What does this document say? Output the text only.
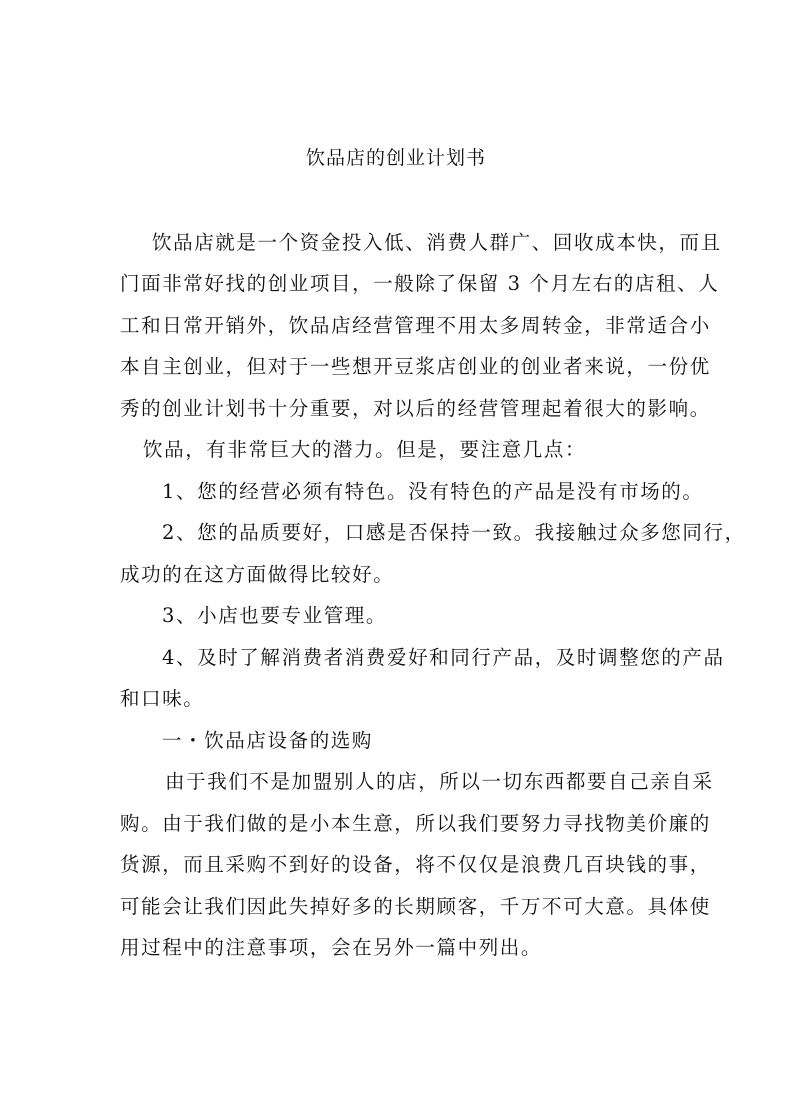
饮品店的创业计划书
饮品店就是一个资金投入低、消费人群广、回收成本快，而且
门面非常好找的创业项目，一般除了保留 3 个月左右的店租、人
工和日常开销外，饮品店经营管理不用太多周转金，非常适合小
本自主创业，但对于一些想开豆浆店创业的创业者来说，一份优
秀的创业计划书十分重要，对以后的经营管理起着很大的影响。
饮品，有非常巨大的潜力。但是，要注意几点：
1、您的经营必须有特色。没有特色的产品是没有市场的。
2、您的品质要好，口感是否保持一致。我接触过众多您同行，
成功的在这方面做得比较好。
3、小店也要专业管理。
4、及时了解消费者消费爱好和同行产品，及时调整您的产品
和口味。
一・饮品店设备的选购
由于我们不是加盟别人的店，所以一切东西都要自己亲自采
购。由于我们做的是小本生意，所以我们要努力寻找物美价廉的
货源，而且采购不到好的设备，将不仅仅是浪费几百块钱的事，
可能会让我们因此失掉好多的长期顾客，千万不可大意。具体使
用过程中的注意事项，会在另外一篇中列出。
